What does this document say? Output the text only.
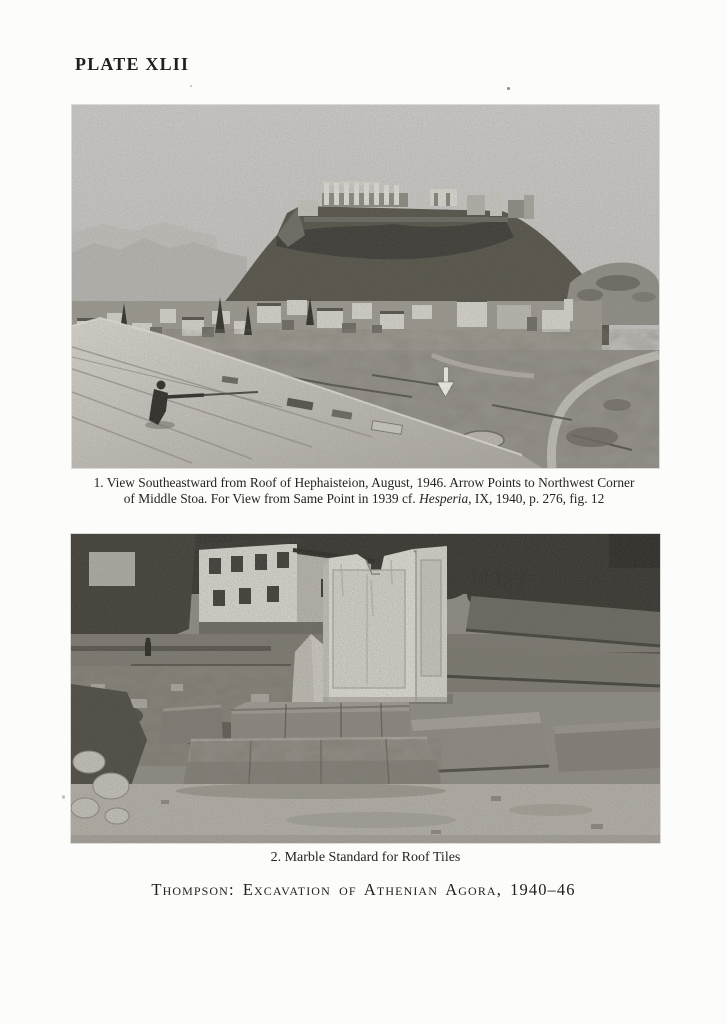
PLATE XLII
1. View Southeastward from Roof of Hephaisteion, August, 1946. Arrow Points to Northwest Corner
of Middle Stoa. For View from Same Point in 1939 cf. Hesperia, IX, 1940, p. 276, fig. 12
2. Marble Standard for Roof Tiles
Thompson: Excavation of Athenian Agora, 1940–46
